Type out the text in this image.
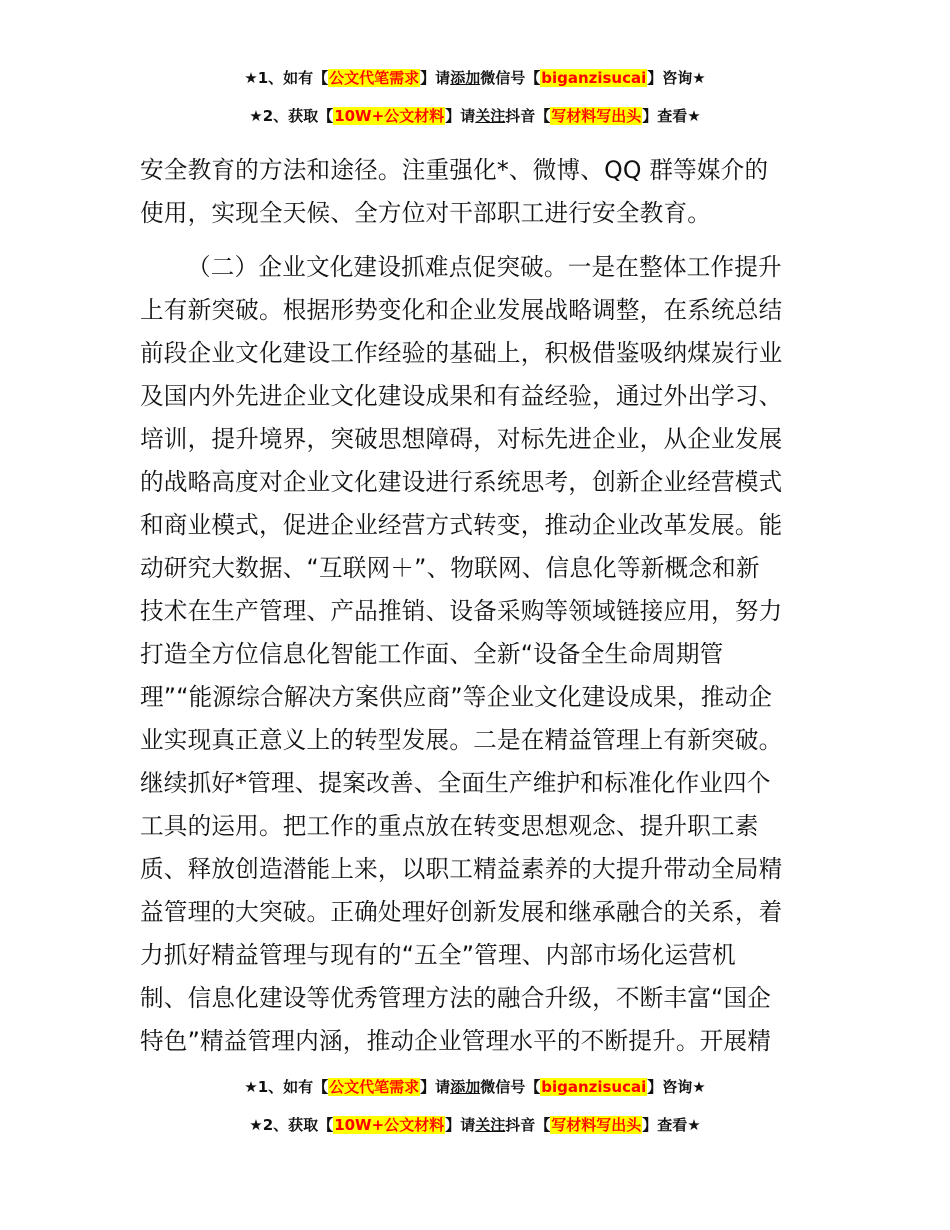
★1、如有【公文代笔需求】请添加微信号【biganzisucai】咨询★
★2、获取【10W+公文材料】请关注抖音【写材料写出头】查看★
安全教育的方法和途径。注重强化*、微博、QQ 群等媒介的
使用，实现全天候、全方位对干部职工进行安全教育。
（二）企业文化建设抓难点促突破。一是在整体工作提升
上有新突破。根据形势变化和企业发展战略调整，在系统总结
前段企业文化建设工作经验的基础上，积极借鉴吸纳煤炭行业
及国内外先进企业文化建设成果和有益经验，通过外出学习、
培训，提升境界，突破思想障碍，对标先进企业，从企业发展
的战略高度对企业文化建设进行系统思考，创新企业经营模式
和商业模式，促进企业经营方式转变，推动企业改革发展。能
动研究大数据、“互联网＋”、物联网、信息化等新概念和新
技术在生产管理、产品推销、设备采购等领域链接应用，努力
打造全方位信息化智能工作面、全新“设备全生命周期管
理”“能源综合解决方案供应商”等企业文化建设成果，推动企
业实现真正意义上的转型发展。二是在精益管理上有新突破。
继续抓好*管理、提案改善、全面生产维护和标准化作业四个
工具的运用。把工作的重点放在转变思想观念、提升职工素
质、释放创造潜能上来，以职工精益素养的大提升带动全局精
益管理的大突破。正确处理好创新发展和继承融合的关系，着
力抓好精益管理与现有的“五全”管理、内部市场化运营机
制、信息化建设等优秀管理方法的融合升级，不断丰富“国企
特色”精益管理内涵，推动企业管理水平的不断提升。开展精
★1、如有【公文代笔需求】请添加微信号【biganzisucai】咨询★
★2、获取【10W+公文材料】请关注抖音【写材料写出头】查看★
